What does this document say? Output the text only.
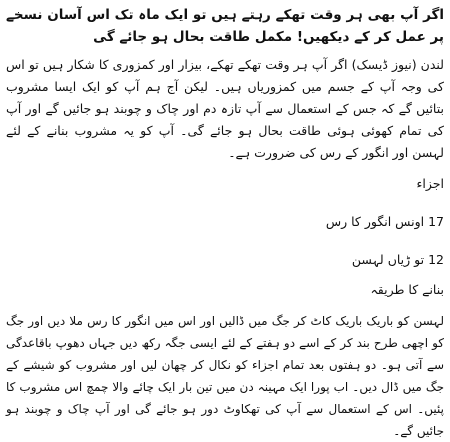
اگر آپ بھی ہر وقت تھکے رہتے ہیں تو ایک ماہ تک اس آسان نسخے پر عمل کر کے دیکھیں! مکمل طاقت بحال ہو جائے گی

لندن (نیوز ڈیسک) اگر آپ ہر وقت تھکے تھکے، بیزار اور کمزوری کا شکار ہیں تو اس کی وجہ آپ کے جسم میں کمزوریاں ہیں۔ لیکن آج ہم آپ کو ایک ایسا مشروب بتائیں گے کہ جس کے استعمال سے آپ تازہ دم اور چاک و چوبند ہو جائیں گے اور آپ کی تمام کھوئی ہوئی طاقت بحال ہو جائے گی۔ آپ کو یہ مشروب بنانے کے لئے لہسن اور انگور کے رس کی ضرورت ہے۔

اجزاء

17 اونس انگور کا رس

12 تو ڑیاں لہسن

بنانے کا طریقہ

لہسن کو باریک باریک کاٹ کر جگ میں ڈالیں اور اس میں انگور کا رس ملا دیں اور جگ کو اچھی طرح بند کر کے اسے دو ہفتے کے لئے ایسی جگہ رکھ دیں جہاں دھوپ باقاعدگی سے آتی ہو۔ دو ہفتوں بعد تمام اجزاء کو نکال کر چھان لیں اور مشروب کو شیشے کے جگ میں ڈال دیں۔ اب پورا ایک مہینہ دن میں تین بار ایک چائے والا چمچ اس مشروب کا پئیں۔ اس کے استعمال سے آپ کی تھکاوٹ دور ہو جائے گی اور آپ چاک و چوبند ہو جائیں گے۔
